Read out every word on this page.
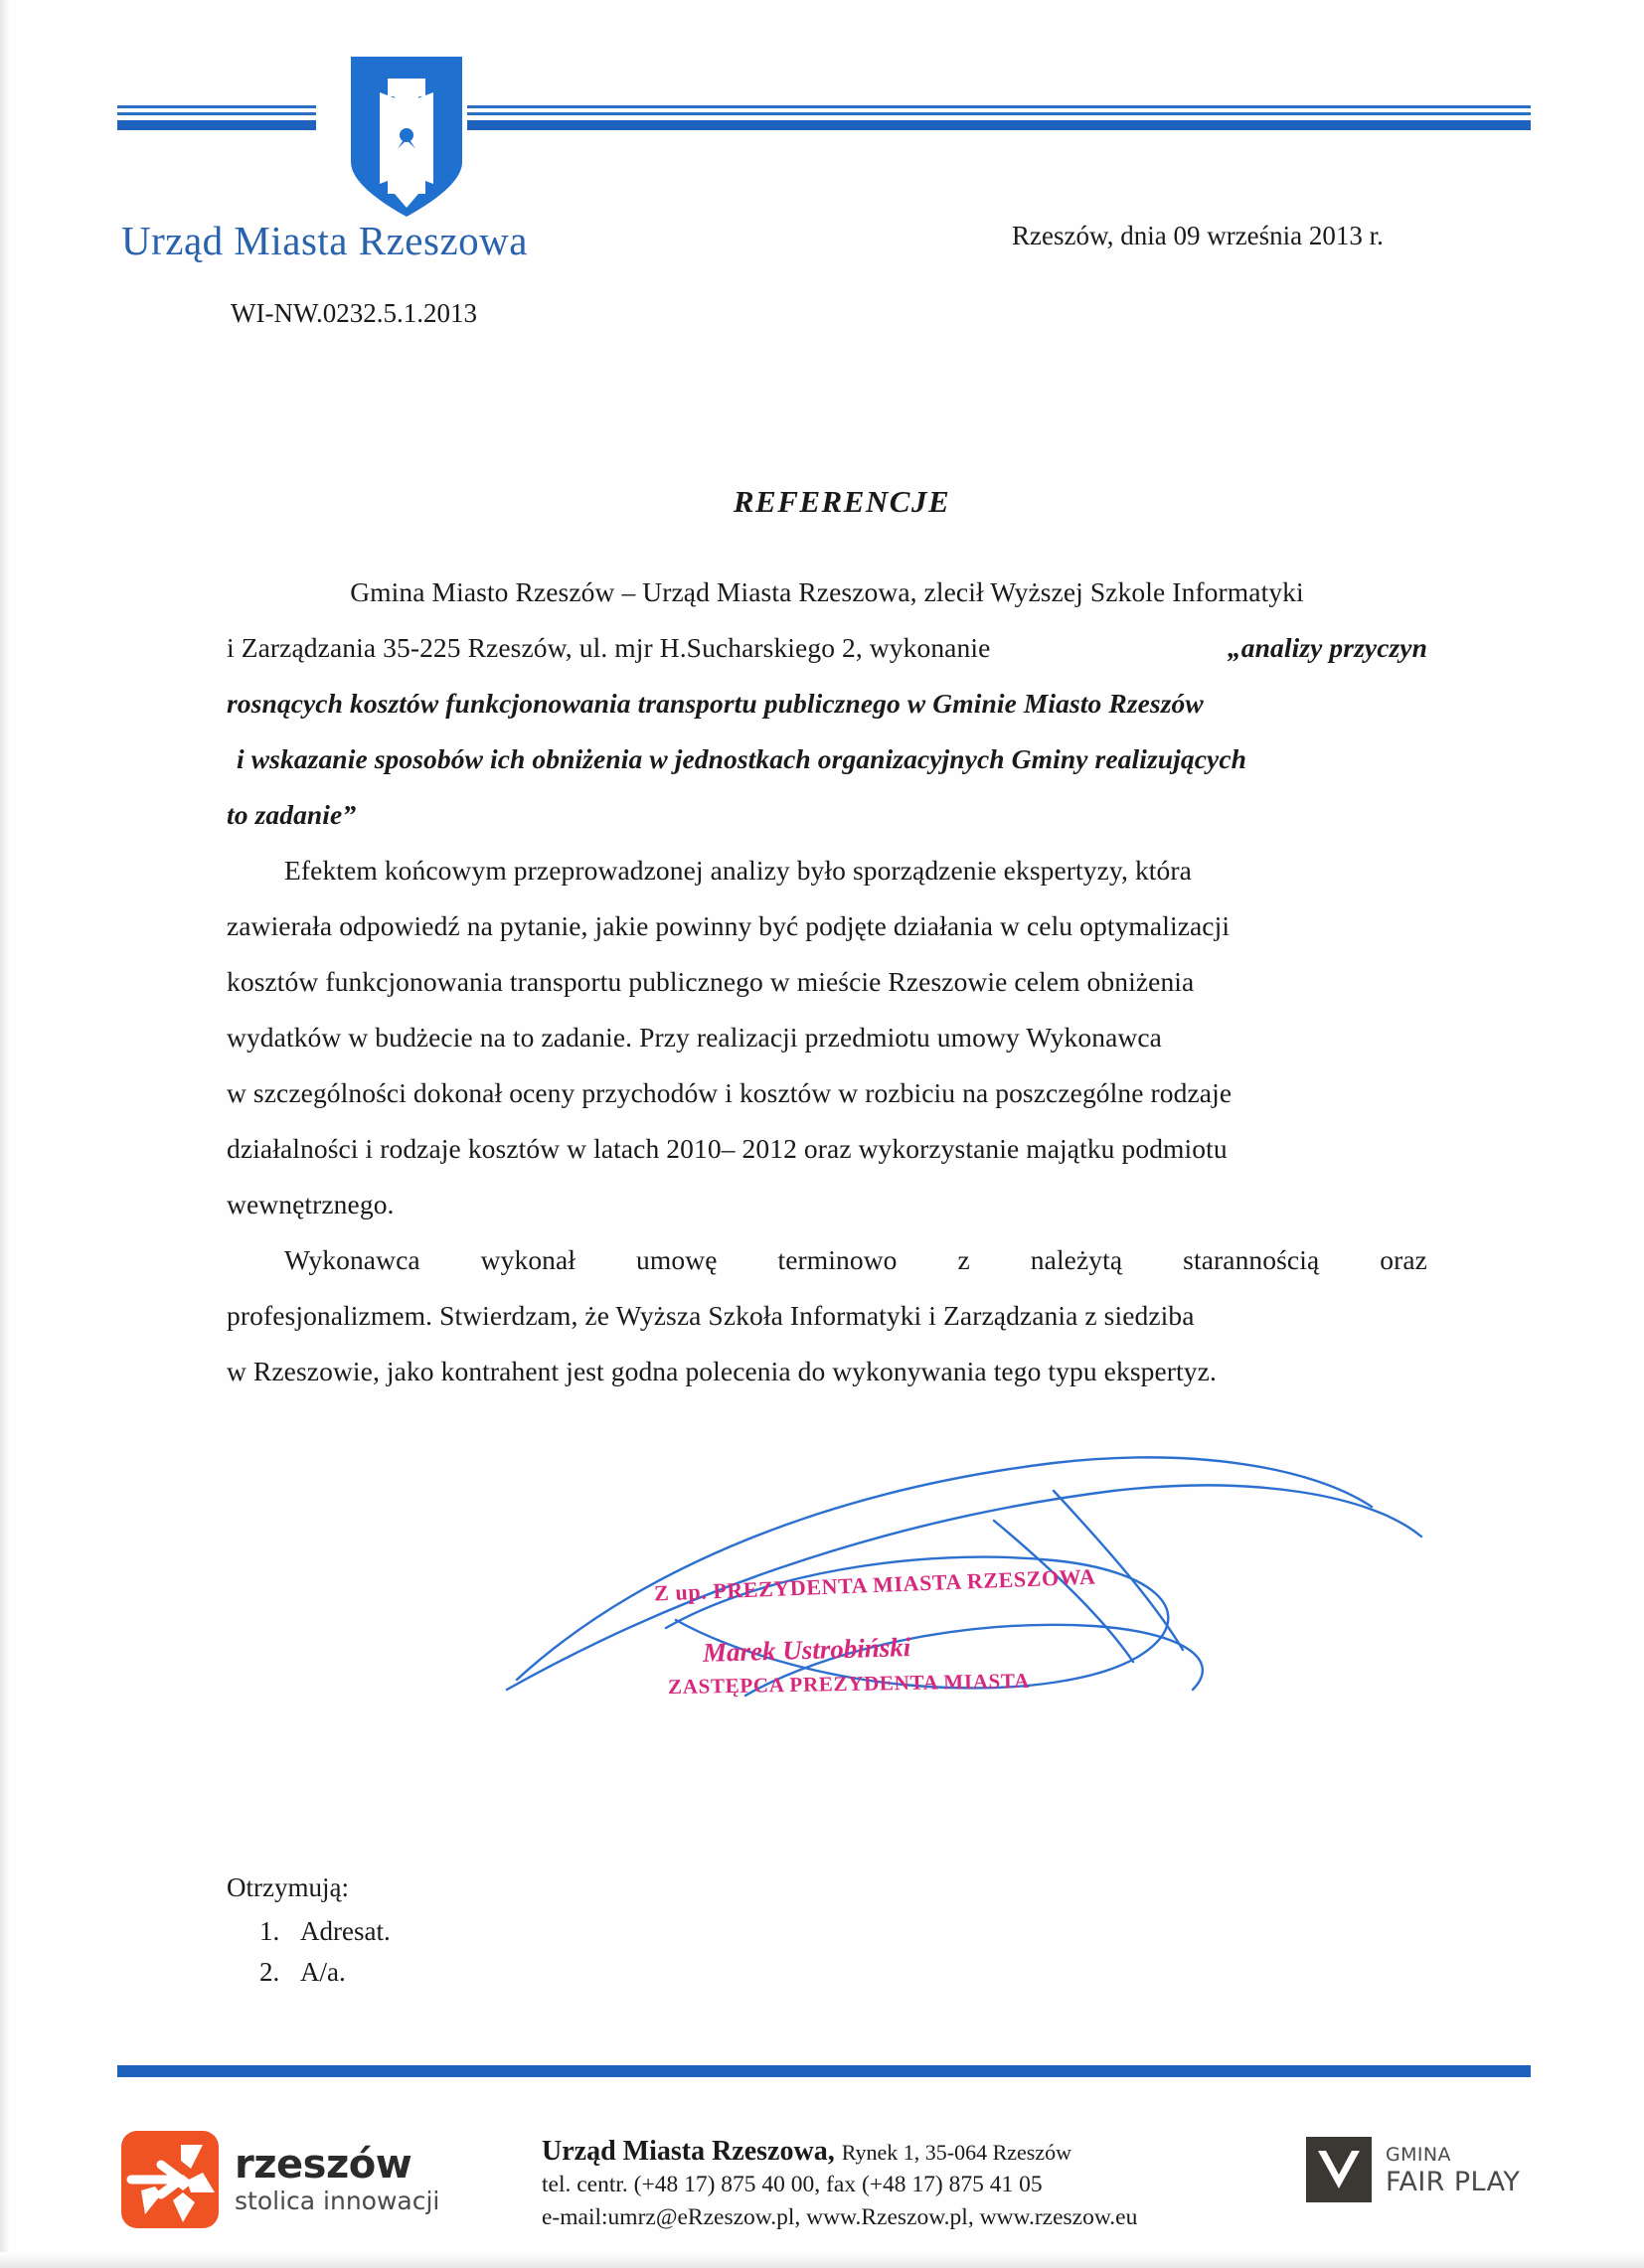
Urząd Miasta Rzeszowa	Rzeszów, dnia 09 września 2013 r.
WI-NW.0232.5.1.2013
REFERENCJE
Gmina Miasto Rzeszów – Urząd Miasta Rzeszowa, zlecił Wyższej Szkole Informatyki
i Zarządzania 35-225 Rzeszów, ul. mjr H.Sucharskiego 2, wykonanie	„analizy przyczyn
rosnących kosztów funkcjonowania transportu publicznego w Gminie Miasto Rzeszów
i wskazanie sposobów ich obniżenia w jednostkach organizacyjnych Gminy realizujących
to zadanie”
Efektem końcowym przeprowadzonej analizy było sporządzenie ekspertyzy, która
zawierała odpowiedź na pytanie, jakie powinny być podjęte działania w celu optymalizacji
kosztów funkcjonowania transportu publicznego w mieście Rzeszowie celem obniżenia
wydatków w budżecie na to zadanie. Przy realizacji przedmiotu umowy Wykonawca
w szczególności dokonał oceny przychodów i kosztów w rozbiciu na poszczególne rodzaje
działalności i rodzaje kosztów w latach 2010– 2012 oraz wykorzystanie majątku podmiotu
wewnętrznego.
Wykonawca wykonał umowę terminowo z należytą starannością oraz
profesjonalizmem. Stwierdzam, że Wyższa Szkoła Informatyki i Zarządzania z siedziba
w Rzeszowie, jako kontrahent jest godna polecenia do wykonywania tego typu ekspertyz.
Z up. PREZYDENTA MIASTA RZESZOWA
Marek Ustrobiński
ZASTĘPCA PREZYDENTA MIASTA
Otrzymują:
1. Adresat.
2. A/a.
rzeszów
stolica innowacji
Urząd Miasta Rzeszowa, Rynek 1, 35-064 Rzeszów
tel. centr. (+48 17) 875 40 00, fax (+48 17) 875 41 05
e-mail:umrz@eRzeszow.pl, www.Rzeszow.pl, www.rzeszow.eu
GMINA
FAIR PLAY
